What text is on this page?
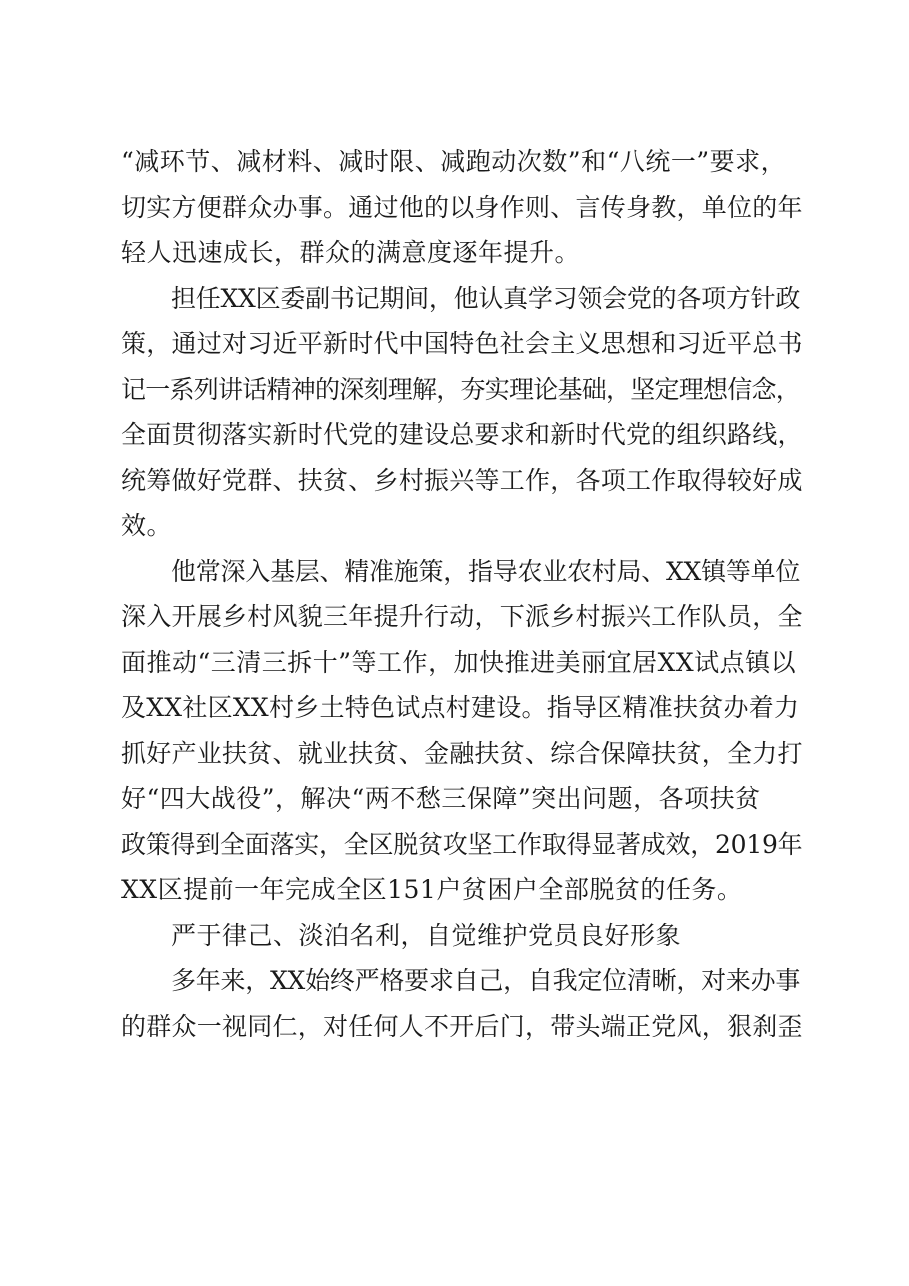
“减环节、减材料、减时限、减跑动次数”和“八统一”要求，
切实方便群众办事。通过他的以身作则、言传身教，单位的年
轻人迅速成长，群众的满意度逐年提升。
担任XX区委副书记期间，他认真学习领会党的各项方针政
策，通过对习近平新时代中国特色社会主义思想和习近平总书
记一系列讲话精神的深刻理解，夯实理论基础，坚定理想信念，
全面贯彻落实新时代党的建设总要求和新时代党的组织路线，
统筹做好党群、扶贫、乡村振兴等工作，各项工作取得较好成
效。
他常深入基层、精准施策，指导农业农村局、XX镇等单位
深入开展乡村风貌三年提升行动，下派乡村振兴工作队员，全
面推动“三清三拆十”等工作，加快推进美丽宜居XX试点镇以
及XX社区XX村乡土特色试点村建设。指导区精准扶贫办着力
抓好产业扶贫、就业扶贫、金融扶贫、综合保障扶贫，全力打
好“四大战役”，解决“两不愁三保障”突出问题，各项扶贫
政策得到全面落实，全区脱贫攻坚工作取得显著成效，2019年
XX区提前一年完成全区151户贫困户全部脱贫的任务。
严于律己、淡泊名利，自觉维护党员良好形象
多年来，XX始终严格要求自己，自我定位清晰，对来办事
的群众一视同仁，对任何人不开后门，带头端正党风，狠刹歪
